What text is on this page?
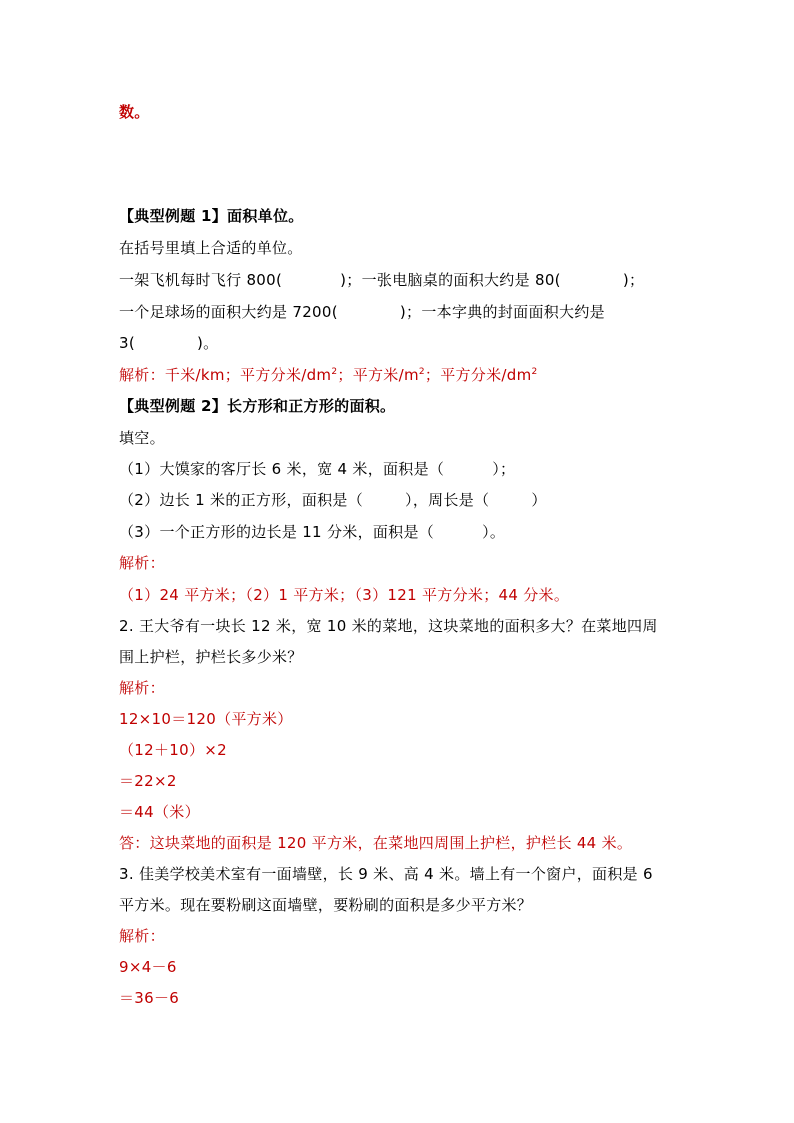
数。
【典型例题 1】面积单位。
在括号里填上合适的单位。
一架飞机每时飞行 800(	)；一张电脑桌的面积大约是 80(	)；
一个足球场的面积大约是 7200(	)；一本字典的封面面积大约是
3(	)。
解析：千米/km；平方分米$/dm^2$；平方米$/m^2$；平方分米$/dm^2$
【典型例题 2】长方形和正方形的面积。
填空。
（1）大馍家的客厅长 6 米，宽 4 米，面积是（	）；
（2）边长 1 米的正方形，面积是（	），周长是（	）
（3）一个正方形的边长是 11 分米，面积是（	）。
解析：
（1）24 平方米；（2）1 平方米；（3）121 平方分米；44 分米。
2. 王大爷有一块长 12 米，宽 10 米的菜地，这块菜地的面积多大？在菜地四周
围上护栏，护栏长多少米？
解析：
12×10＝120（平方米）
（12＋10）×2
＝22×2
＝44（米）
答：这块菜地的面积是 120 平方米，在菜地四周围上护栏，护栏长 44 米。
3. 佳美学校美术室有一面墙壁，长 9 米、高 4 米。墙上有一个窗户，面积是 6
平方米。现在要粉刷这面墙壁，要粉刷的面积是多少平方米？
解析：
9×4－6
＝36－6
